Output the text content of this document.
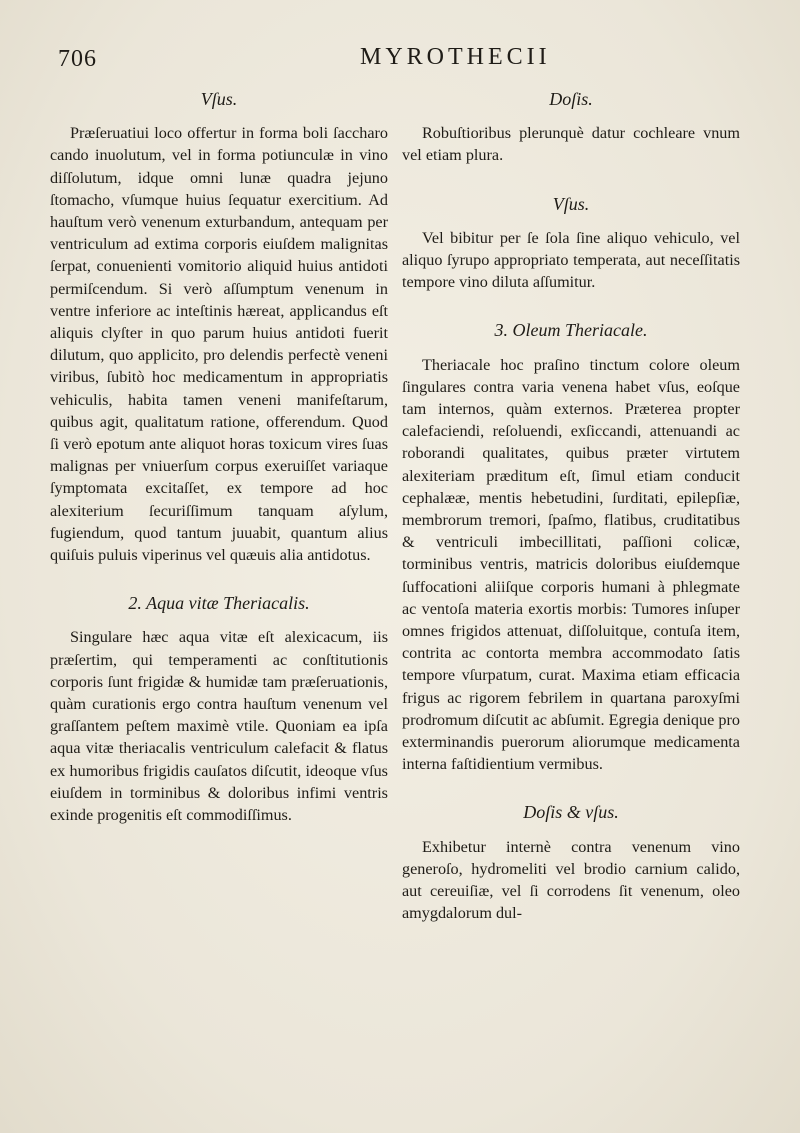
706	MYROTHECII
Vſus.

Præſeruatiui loco offertur in forma boli ſaccharo cando inuolutum, vel in forma potiunculæ in vino diſſolutum, idque omni lunæ quadra jejuno ſtomacho, vſumque huius ſequatur exercitium. Ad hauſtum verò venenum exturbandum, antequam per ventriculum ad extima corporis eiuſdem malignitas ſerpat, conuenienti vomitorio aliquid huius antidoti permiſcendum. Si verò aſſumptum venenum in ventre inferiore ac inteſtinis hæreat, applicandus eſt aliquis clyſter in quo parum huius antidoti fuerit dilutum, quo applicito, pro delendis perfectè veneni viribus, ſubitò hoc medicamentum in appropriatis vehiculis, habita tamen veneni manifeſtarum, quibus agit, qualitatum ratione, offerendum. Quod ſi verò epotum ante aliquot horas toxicum vires ſuas malignas per vniuerſum corpus exeruiſſet variaque ſymptomata excitaſſet, ex tempore ad hoc alexiterium ſecuriſſimum tanquam aſylum, fugiendum, quod tantum juuabit, quantum alius quiſuis puluis viperinus vel quæuis alia antidotus.

2. Aqua vitæ Theriacalis.

Singulare hæc aqua vitæ eſt alexicacum, iis præſertim, qui temperamenti ac conſtitutionis corporis ſunt frigidæ & humidæ tam præſeruationis, quàm curationis ergo contra hauſtum venenum vel graſſantem peſtem maximè vtile. Quoniam ea ipſa aqua vitæ theriacalis ventriculum calefacit & flatus ex humoribus frigidis cauſatos diſcutit, ideoque vſus eiuſdem in torminibus & doloribus infimi ventris exinde progenitis eſt commodiſſimus.

Doſis.

Robuſtioribus plerunquè datur cochleare vnum vel etiam plura.

Vſus.

Vel bibitur per ſe ſola ſine aliquo vehiculo, vel aliquo ſyrupo appropriato temperata, aut neceſſitatis tempore vino diluta aſſumitur.

3. Oleum Theriacale.

Theriacale hoc praſino tinctum colore oleum ſingulares contra varia venena habet vſus, eoſque tam internos, quàm externos. Præterea propter calefaciendi, reſoluendi, exſiccandi, attenuandi ac roborandi qualitates, quibus præter virtutem alexiteriam præditum eſt, ſimul etiam conducit cephalææ, mentis hebetudini, ſurditati, epilepſiæ, membrorum tremori, ſpaſmo, flatibus, cruditatibus & ventriculi imbecillitati, paſſioni colicæ, torminibus ventris, matricis doloribus eiuſdemque ſuffocationi aliiſque corporis humani à phlegmate ac ventoſa materia exortis morbis: Tumores inſuper omnes frigidos attenuat, diſſoluitque, contuſa item, contrita ac contorta membra accommodato ſatis tempore vſurpatum, curat. Maxima etiam efficacia frigus ac rigorem febrilem in quartana paroxyſmi prodromum diſcutit ac abſumit. Egregia denique pro exterminandis puerorum aliorumque medicamenta interna faſtidientium vermibus.

Doſis & vſus.

Exhibetur internè contra venenum vino generoſo, hydromeliti vel brodio carnium calido, aut cereuiſiæ, vel ſi corrodens ſit venenum, oleo amygdalorum dul-
